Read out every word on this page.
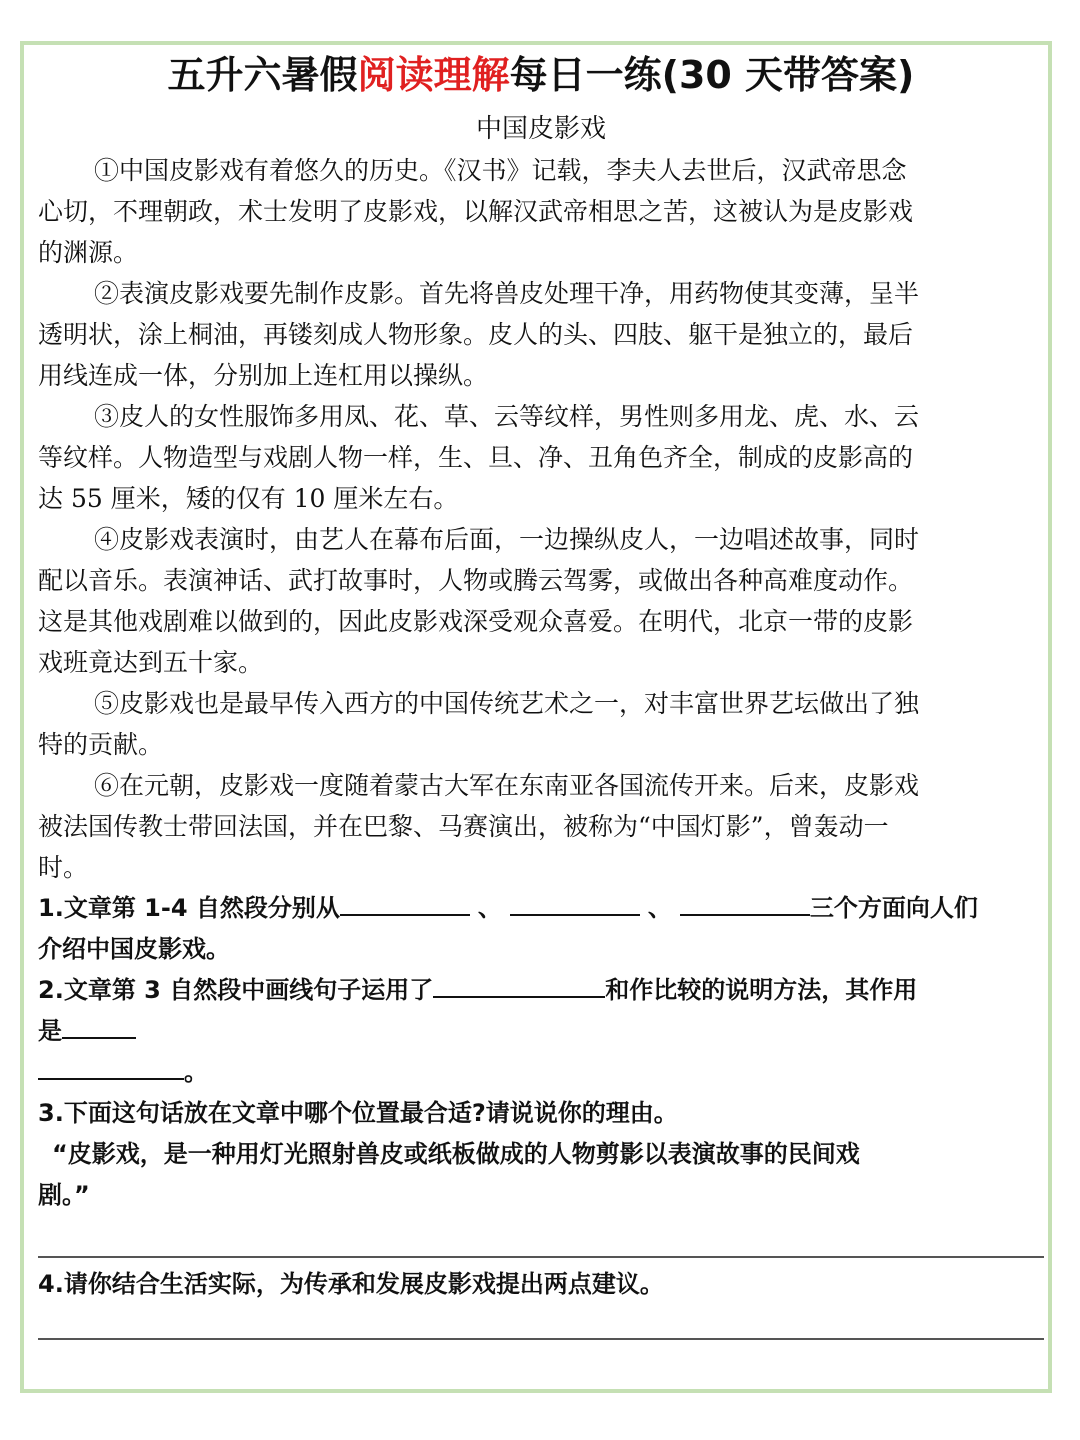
五升六暑假阅读理解每日一练(30 天带答案)
中国皮影戏
①中国皮影戏有着悠久的历史。《汉书》记载，李夫人去世后，汉武帝思念
心切，不理朝政，术士发明了皮影戏，以解汉武帝相思之苦，这被认为是皮影戏
的渊源。
②表演皮影戏要先制作皮影。首先将兽皮处理干净，用药物使其变薄，呈半
透明状，涂上桐油，再镂刻成人物形象。皮人的头、四肢、躯干是独立的，最后
用线连成一体，分别加上连杠用以操纵。
③皮人的女性服饰多用凤、花、草、云等纹样，男性则多用龙、虎、水、云
等纹样。人物造型与戏剧人物一样，生、旦、净、丑角色齐全，制成的皮影高的
达 55 厘米，矮的仅有 10 厘米左右。
④皮影戏表演时，由艺人在幕布后面，一边操纵皮人，一边唱述故事，同时
配以音乐。表演神话、武打故事时，人物或腾云驾雾，或做出各种高难度动作。
这是其他戏剧难以做到的，因此皮影戏深受观众喜爱。在明代，北京一带的皮影
戏班竟达到五十家。
⑤皮影戏也是最早传入西方的中国传统艺术之一，对丰富世界艺坛做出了独
特的贡献。
⑥在元朝，皮影戏一度随着蒙古大军在东南亚各国流传开来。后来，皮影戏
被法国传教士带回法国，并在巴黎、马赛演出，被称为“中国灯影”，曾轰动一
时。
1.文章第 1-4 自然段分别从	、	、	三个方面向人们
介绍中国皮影戏。
2.文章第 3 自然段中画线句子运用了	和作比较的说明方法，其作用
是
。
3.下面这句话放在文章中哪个位置最合适?请说说你的理由。
“皮影戏，是一种用灯光照射兽皮或纸板做成的人物剪影以表演故事的民间戏
剧。”
4.请你结合生活实际，为传承和发展皮影戏提出两点建议。
